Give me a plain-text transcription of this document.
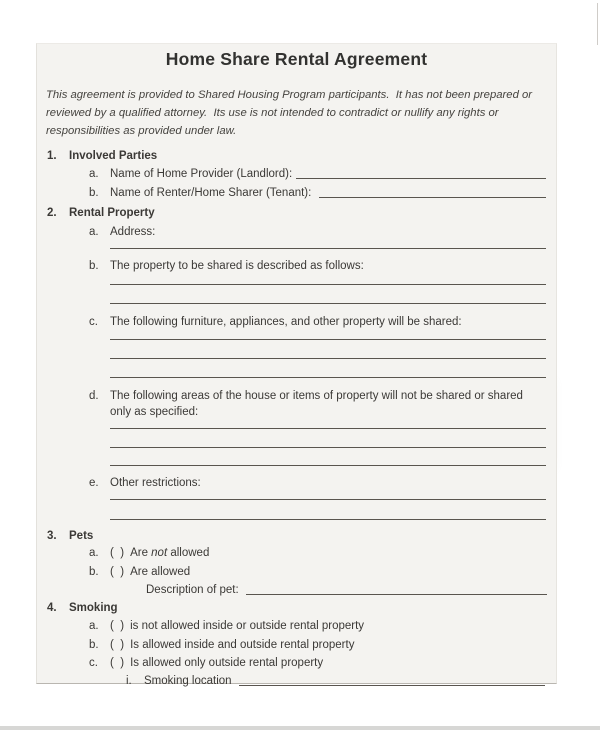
Home Share Rental Agreement
This agreement is provided to Shared Housing Program participants.  It has not been prepared or
reviewed by a qualified attorney.  Its use is not intended to contradict or nullify any rights or
responsibilities as provided under law.
1.	Involved Parties
a. Name of Home Provider (Landlord):
b. Name of Renter/Home Sharer (Tenant):
2.	Rental Property
a. Address:
b. The property to be shared is described as follows:
c.	The following furniture, appliances, and other property will be shared:
d. The following areas of the house or items of property will not be shared or shared only as specified:
e. Other restrictions:
3.	Pets
a. (  ) Are not allowed
b. (  ) Are allowed
Description of pet:
4.	Smoking
a. (  ) is not allowed inside or outside rental property
b. (  ) Is allowed inside and outside rental property
c.	(  ) Is allowed only outside rental property
i.	Smoking location
